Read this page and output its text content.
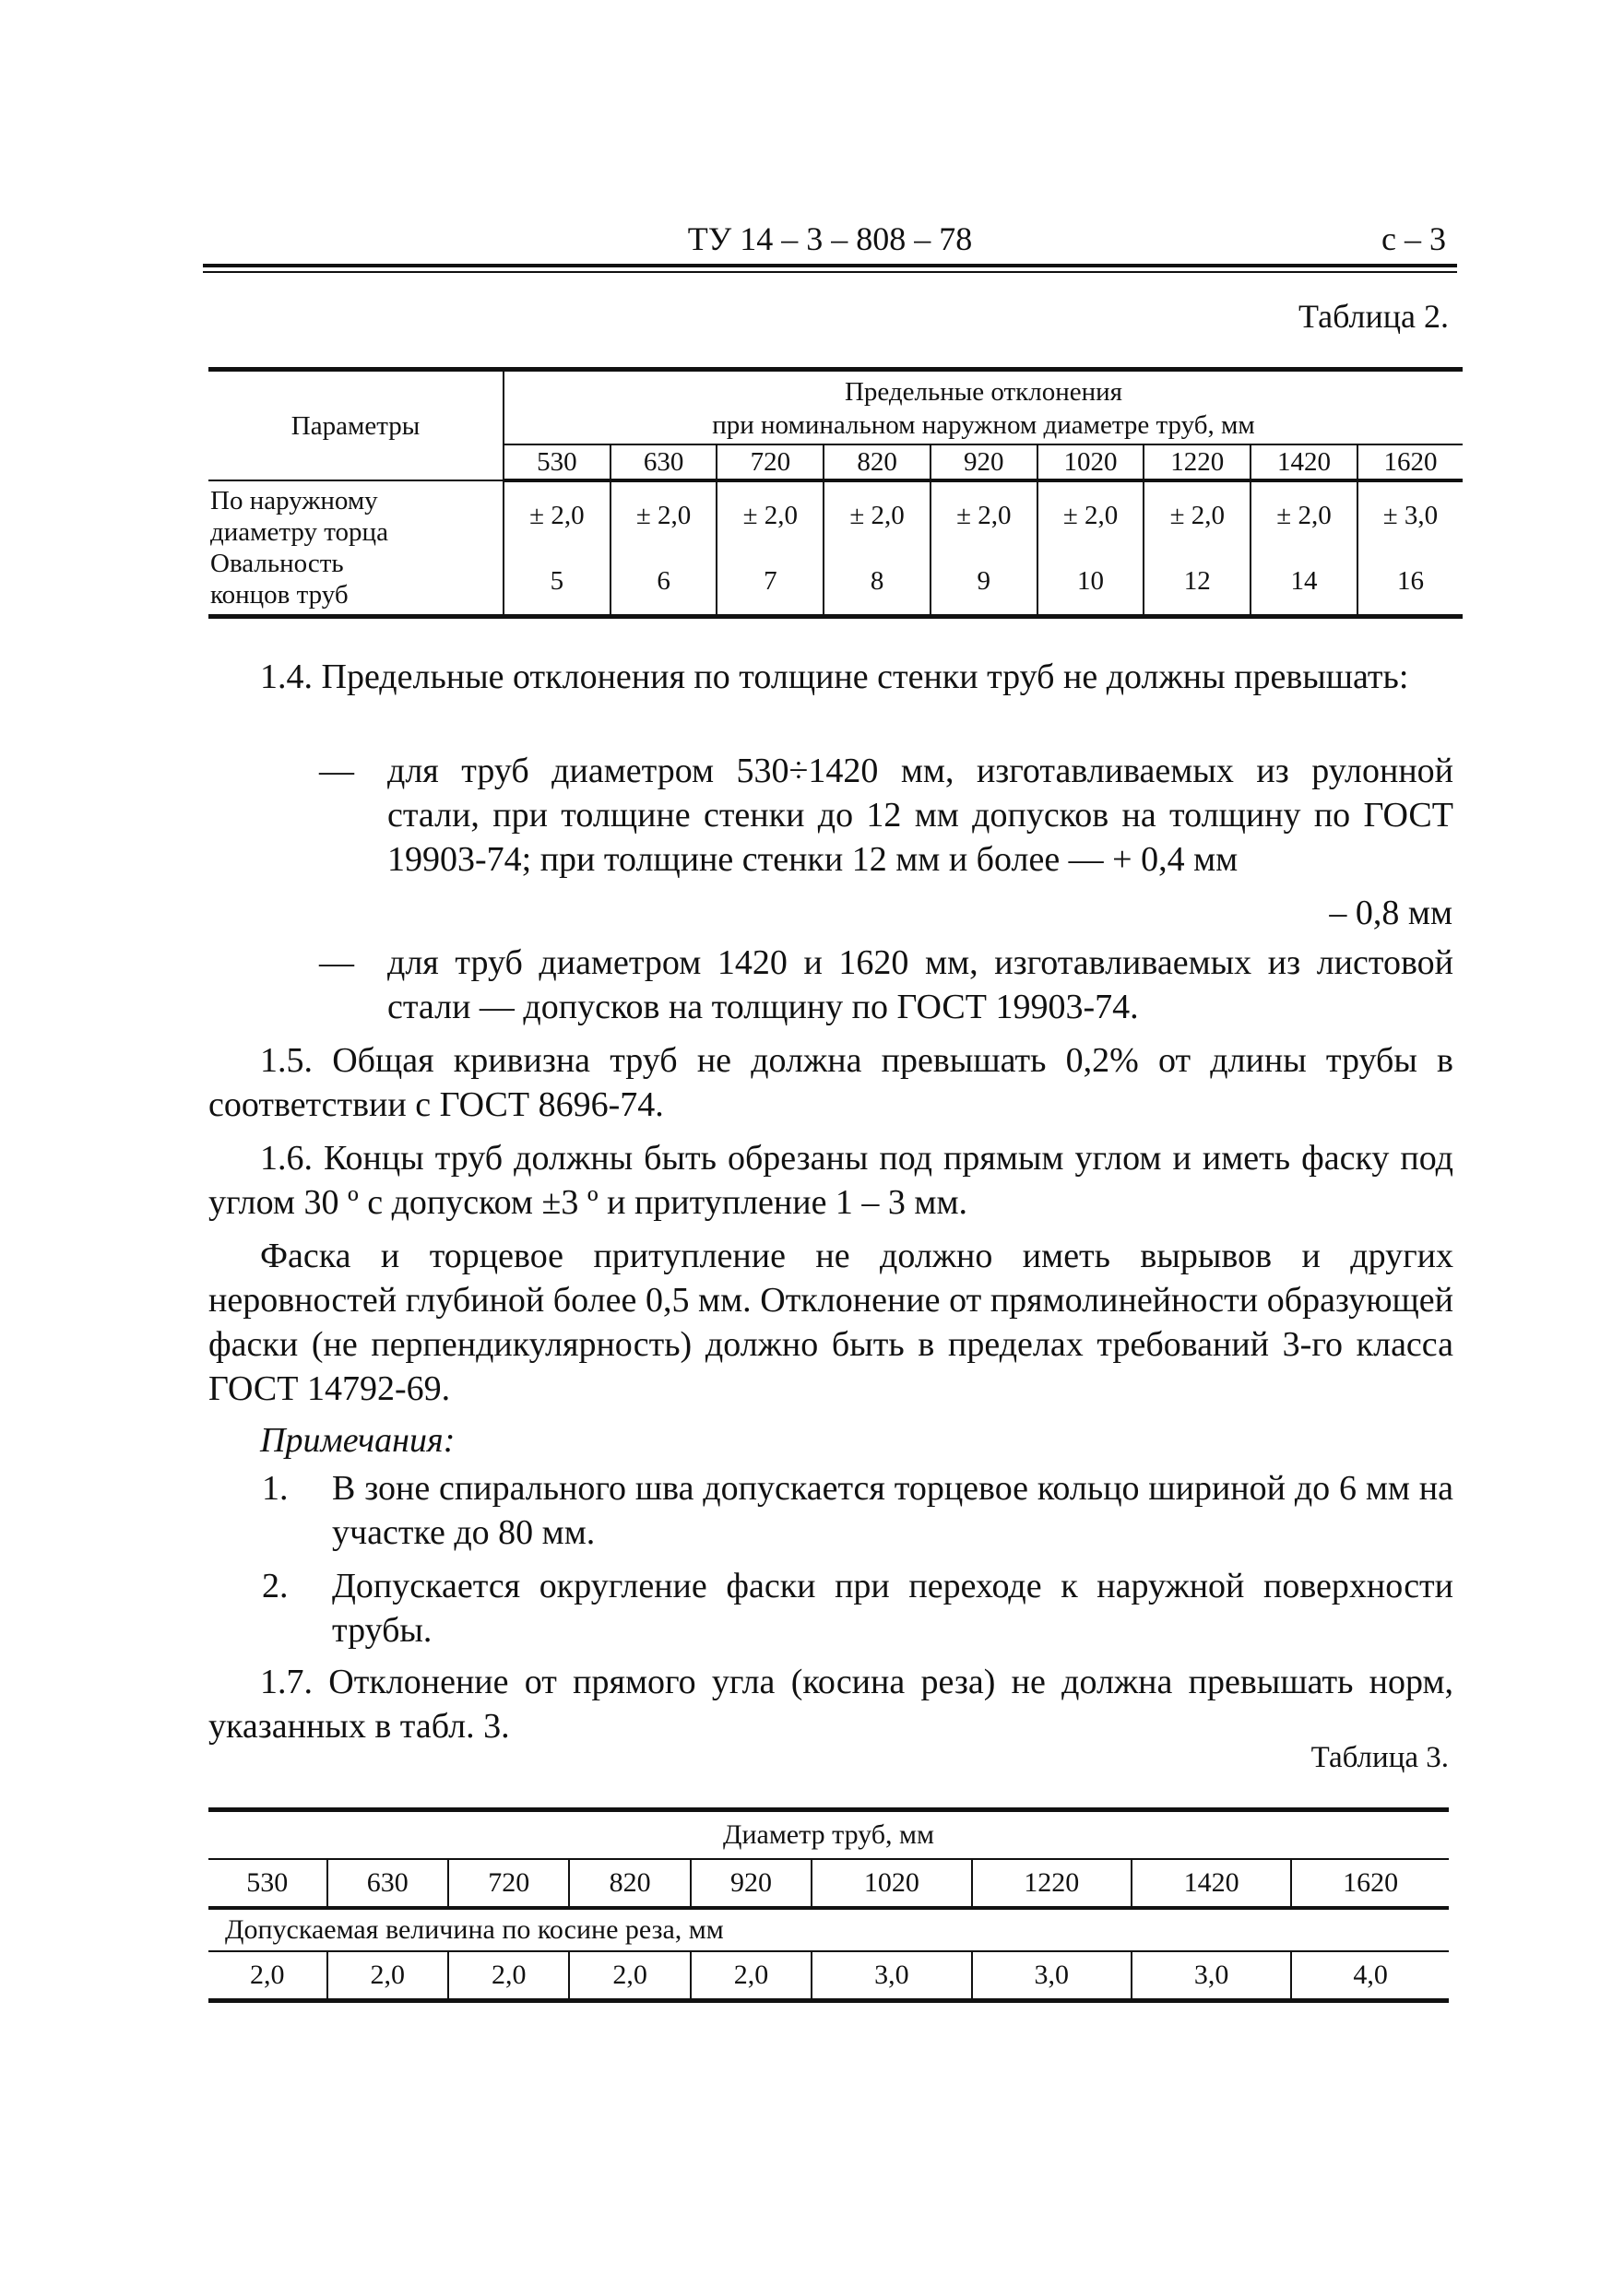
ТУ 14 – 3 – 808 – 78	с – 3
Таблица 2.
Параметры	Предельные отклонения
при номинальном наружном диаметре труб, мм								

	530	630	720	820	920	1020	1220	1420	1620

По наружному
диаметру торца	± 2,0	± 2,0	± 2,0	± 2,0	± 2,0	± 2,0	± 2,0	± 2,0	± 3,0

Овальность
концов труб	5	6	7	8	9	10	12	14	16
1.4. Предельные отклонения по толщине стенки труб не должны превышать:
— для труб диаметром 530÷1420 мм, изготавливаемых из рулонной стали, при толщине стенки до 12 мм допусков на толщину по ГОСТ 19903-74; при толщине стенки 12 мм и более — + 0,4 мм
– 0,8 мм
— для труб диаметром 1420 и 1620 мм, изготавливаемых из листовой стали — допусков на толщину по ГОСТ 19903-74.
1.5. Общая кривизна труб не должна превышать 0,2% от длины трубы в соответствии с ГОСТ 8696-74.
1.6. Концы труб должны быть обрезаны под прямым углом и иметь фаску под углом 30 º с допуском ±3 º и притупление 1 – 3 мм.
Фаска и торцевое притупление не должно иметь вырывов и других неровностей глубиной более 0,5 мм. Отклонение от прямолинейности образующей фаски (не перпендикулярность) должно быть в пределах требований 3-го класса ГОСТ 14792-69.
Примечания:
1. В зоне спирального шва допускается торцевое кольцо шириной до 6 мм на участке до 80 мм.
2. Допускается округление фаски при переходе к наружной поверхности трубы.
1.7. Отклонение от прямого угла (косина реза) не должна превышать норм, указанных в табл. 3.
Таблица 3.
Диаметр труб, мм								
530	630	720	820	920	1020	1220	1420	1620
Допускаемая величина по косине реза, мм								
2,0	2,0	2,0	2,0	2,0	3,0	3,0	3,0	4,0
